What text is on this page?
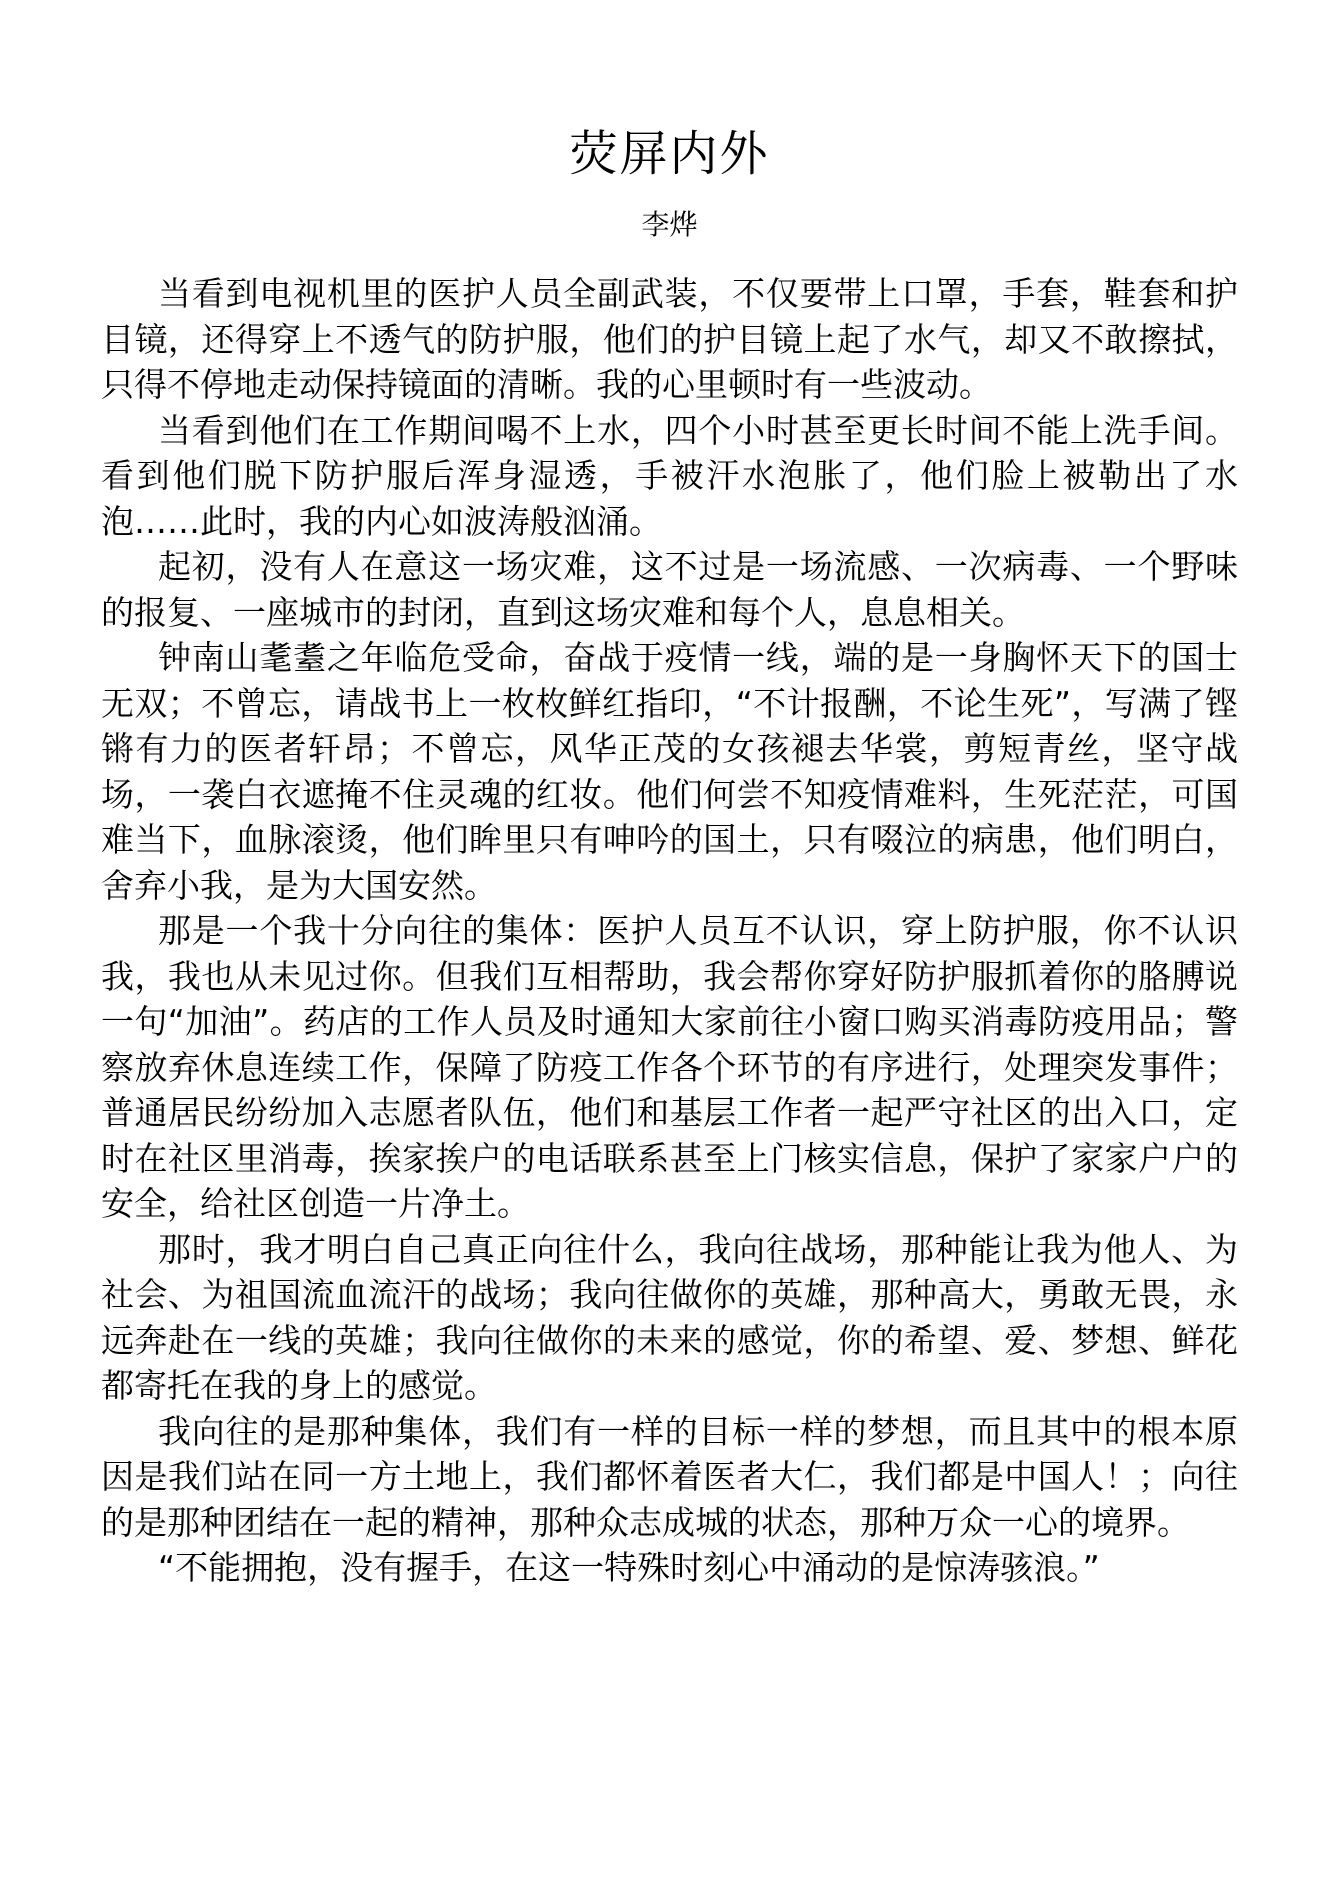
荧屏内外
李烨

当看到电视机里的医护人员全副武装，不仅要带上口罩，手套，鞋套和护目镜，还得穿上不透气的防护服，他们的护目镜上起了水气，却又不敢擦拭，只得不停地走动保持镜面的清晰。我的心里顿时有一些波动。

当看到他们在工作期间喝不上水，四个小时甚至更长时间不能上洗手间。看到他们脱下防护服后浑身湿透，手被汗水泡胀了，他们脸上被勒出了水泡……此时，我的内心如波涛般汹涌。

起初，没有人在意这一场灾难，这不过是一场流感、一次病毒、一个野味的报复、一座城市的封闭，直到这场灾难和每个人，息息相关。

钟南山耄耋之年临危受命，奋战于疫情一线，端的是一身胸怀天下的国士无双；不曾忘，请战书上一枚枚鲜红指印，“不计报酬，不论生死”，写满了铿锵有力的医者轩昂；不曾忘，风华正茂的女孩褪去华裳，剪短青丝，坚守战场，一袭白衣遮掩不住灵魂的红妆。他们何尝不知疫情难料，生死茫茫，可国难当下，血脉滚烫，他们眸里只有呻吟的国土，只有啜泣的病患，他们明白，舍弃小我，是为大国安然。

那是一个我十分向往的集体：医护人员互不认识，穿上防护服，你不认识我，我也从未见过你。但我们互相帮助，我会帮你穿好防护服抓着你的胳膊说一句“加油”。药店的工作人员及时通知大家前往小窗口购买消毒防疫用品；警察放弃休息连续工作，保障了防疫工作各个环节的有序进行，处理突发事件；普通居民纷纷加入志愿者队伍，他们和基层工作者一起严守社区的出入口，定时在社区里消毒，挨家挨户的电话联系甚至上门核实信息，保护了家家户户的安全，给社区创造一片净土。

那时，我才明白自己真正向往什么，我向往战场，那种能让我为他人、为社会、为祖国流血流汗的战场；我向往做你的英雄，那种高大，勇敢无畏，永远奔赴在一线的英雄；我向往做你的未来的感觉，你的希望、爱、梦想、鲜花都寄托在我的身上的感觉。

我向往的是那种集体，我们有一样的目标一样的梦想，而且其中的根本原因是我们站在同一方土地上，我们都怀着医者大仁，我们都是中国人！；向往的是那种团结在一起的精神，那种众志成城的状态，那种万众一心的境界。

“不能拥抱，没有握手，在这一特殊时刻心中涌动的是惊涛骇浪。”
